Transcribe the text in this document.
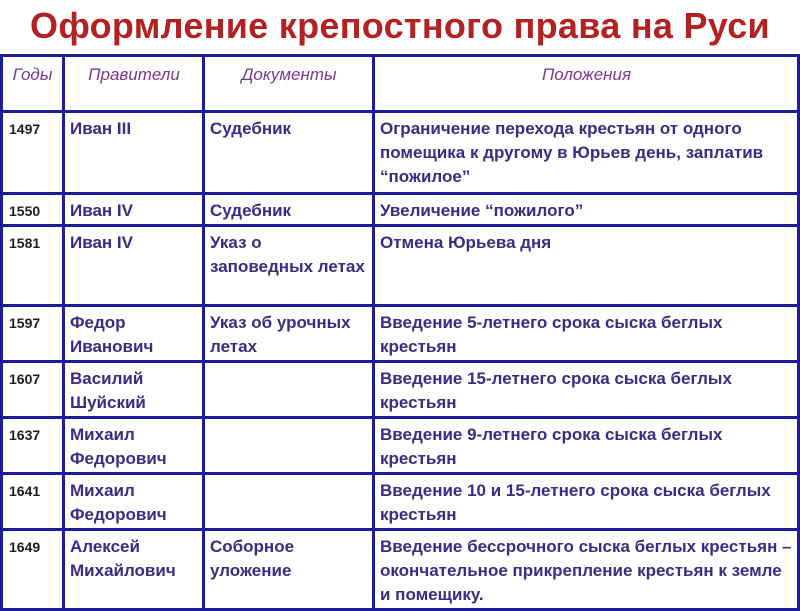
Оформление крепостного права на Руси
Годы	Правители	Документы	Положения
1497	Иван III	Судебник	Ограничение перехода крестьян от одного помещика к другому в Юрьев день, заплатив “пожилое”
1550	Иван IV	Судебник	Увеличение “пожилого”
1581	Иван IV	Указ о заповедных летах	Отмена Юрьева дня
1597	Федор Иванович	Указ об урочных летах	Введение 5-летнего срока сыска беглых крестьян
1607	Василий Шуйский		Введение 15-летнего срока сыска беглых крестьян
1637	Михаил Федорович		Введение 9-летнего срока сыска беглых крестьян
1641	Михаил Федорович		Введение 10 и 15-летнего срока сыска беглых крестьян
1649	Алексей Михайлович	Соборное уложение	Введение бессрочного сыска беглых крестьян – окончательное прикрепление крестьян к земле и помещику.
